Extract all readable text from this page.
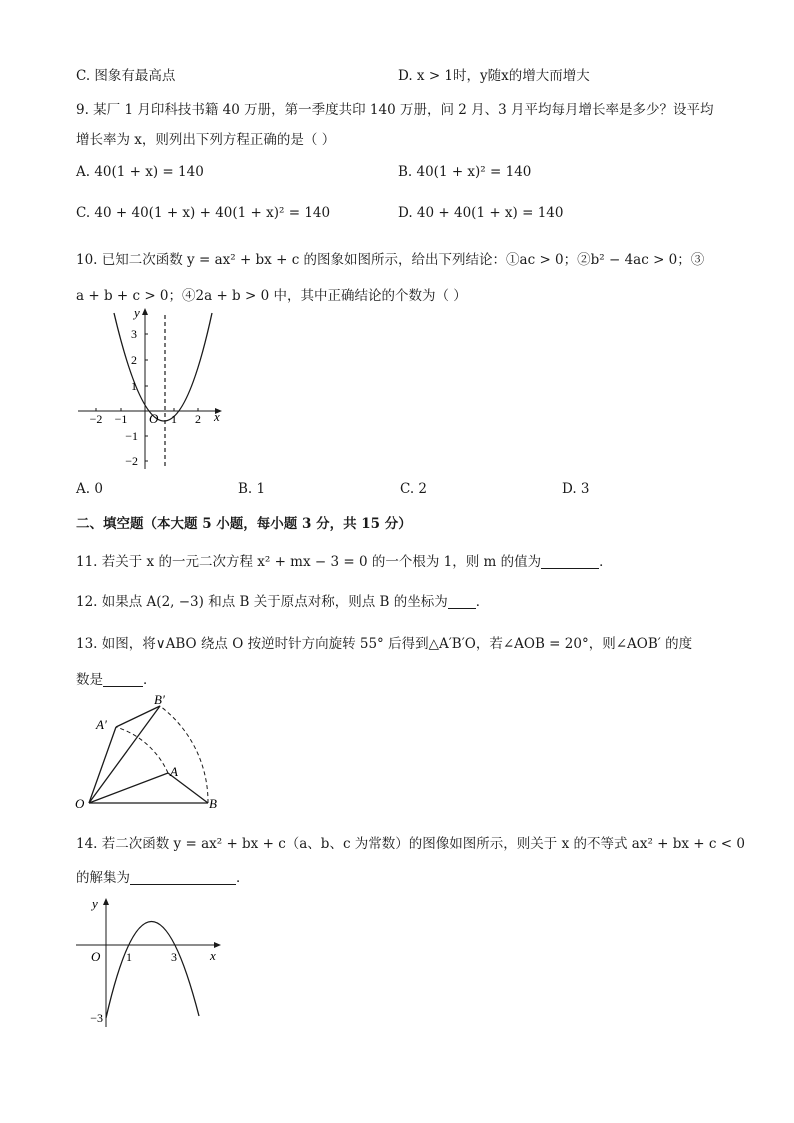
C. 图象有最高点	D. x > 1时，y随x的增大而增大
9. 某厂 1 月印科技书籍 40 万册，第一季度共印 140 万册，问 2 月、3 月平均每月增长率是多少？设平均
增长率为 x，则列出下列方程正确的是（ ）
A. 40(1 + x) = 140	B. 40(1 + x)² = 140
C. 40 + 40(1 + x) + 40(1 + x)² = 140	D. 40 + 40(1 + x) = 140
10. 已知二次函数 y = ax² + bx + c 的图象如图所示，给出下列结论：①ac > 0；②b² − 4ac > 0；③
a + b + c > 0；④2a + b > 0 中，其中正确结论的个数为（ ）
y
x
O
3
2
1
−1
−2
−2 −1	1 2
A. 0	B. 1	C. 2	D. 3
二、填空题（本大题 5 小题，每小题 3 分，共 15 分）
11. 若关于 x 的一元二次方程 x² + mx − 3 = 0 的一个根为 1，则 m 的值为	．
12. 如果点 A(2, −3) 和点 B 关于原点对称，则点 B 的坐标为 ．
13. 如图，将∨ABO 绕点 O 按逆时针方向旋转 55° 后得到△A′B′O，若∠AOB = 20°，则∠AOB′ 的度
数是	．
O
A
B
A′
B′
14. 若二次函数 y = ax² + bx + c（a、b、c 为常数）的图像如图所示，则关于 x 的不等式 ax² + bx + c < 0
的解集为	．
y
x
O 1	3
−3
